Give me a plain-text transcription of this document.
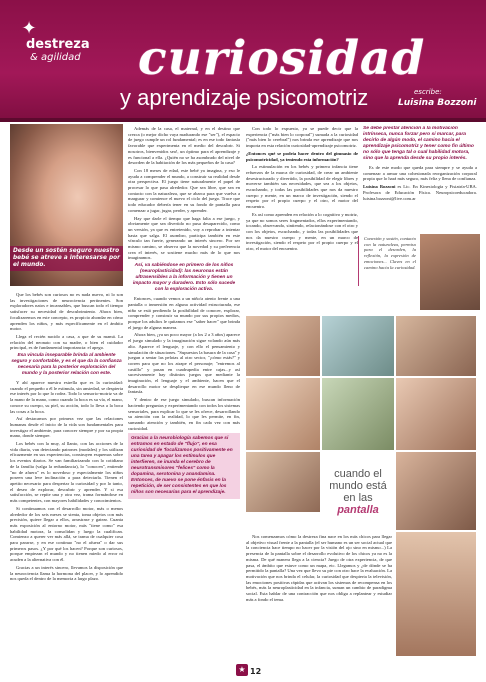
✦
destreza
& agilidad curiosidad
y aprendizaje psicomotriz	escribe:
Luisina Bozzoni
Desde un sostén seguro nuestro bebé se atreve a interesarse por el mundo.

Que los bebés son curiosos no es nada nuevo, ni lo son las investigaciones de neurociencia pertinentes. Son exploradores natos e incansables, que buscan todo el tiempo satisfacer su necesidad de descubrimiento. Ahora bien, focalizaremos en este concepto, es propicio ahondar en cómo aprenden los niños, y más específicamente en el ámbito motor.

Llega el recién nacido a casa, a que de su mamá. La relación del neonato con su madre, o bien el cuidador principal, es de fundamental importancia: el apego.

Esa vincula inseparable brinda al ambiente seguro y confortable, y es el que da la confianza necesaria para la posterior exploración del mundo y la posterior relación con este.

Y ahí aparece nuestra estrella que es la curiosidad: cuando el pequeño a él le estimula, sin ansiedad, se despierta ese interés por lo que lo rodea. Todo lo sensorio-motriz va de la mano de la mano, como cuando la boca es su vía, el mano, conoce su cuerpo, su piel, su acción, todo lo lleva a la boca las cosas a la boca.

Así destacamos por primera vez que las relaciones humanas desde el inicio de la vida son fundamentales para investigar el ambiente, para conocer siempre y por su propia mano, donde siempre.

Los bebés con la muy, al llanto, con las acciones de la vida diaria, van detectando patrones (modales) y los utilizan eficazmente en sus experiencias, construyen esquemas sobre los eventos diarios. Se van familiarizando con lo cotidiano de la familia (valga la redundancia), lo "conocen", entiende "no de afuera" es lo novedoso y especialmente los niños poseen una leve inclinación a para detectarla. Tienen el apetito necesario para despertar la curiosidad y por lo tanto, el deseo de explorar, descubrir y aprender. Y si esa satisfacción, se repite una y otra vez, trama formándose en más competentes, con mayores habilidades y conocimientos.

Si continuamos con el desarrollo motor, más o menos alrededor de los seis meses se sienta, toma objetos con más precisión, quiere llegar a ellos, arrastrase y gatear. Cuanta más exposición al entorno motor, más "tiene como" esa habilidad motora, la consolidan y luego la cualifican. Comienzo a querer ver más allá, se trama de cualquier cosa para pararse, y en ese continuo "no el afuera" o dar sus primeros pasos. ¿Y por qué los hacen? Porque son curiosos, porque empiezan el mundo y no tienen miedo al error ni acuden a la alternativa con él.

Gracias a un interés sincero, llevamos la disposición que la neurociencia llama la hormona del placer, y lo aprendido nos queda el dentro de la memoria a largo plazo.

Además de la casa, el maternal, y en el destino que crezca (o mejor dicho vaya madurando ese "ser"), el espacio de juego cumple un rol fundamental; es en ese todo fantasía favorable que experimenta en el medio del descubrir. Si nosotros, bienvenidos sea!, un óptimo para el aprendizaje y es funcional a ella. ¿Quién no se ha asombrado del nivel de desorden de la habitación de los más pequeños de la casa?

Con 18 meses de edad, este bebé ya imagina, y eso le ayuda a comprender el mundo, a construir su realidad desde otra perspectiva. El juego tiene naturalmente el papel de procesar lo que pasa alrededor. Que sea libre, que sea en contacto con la naturaleza, que se abarca para que vuelva a margurar y comience el nuevo el ciclo del juego. Trace que todo educador debería tener en su fondo de pantalla para comenzar a jugar, jugar, perder, y aprender.

Hay que darle el tiempo que haga falta a ese juego, y obviamente que sea divertido no pusa desaparecido, como un versión, ya que es entretenido, voy a reprobar a intentar hasta que salga. El asombro, participa también en este vínculo tan fuerte, generando un interés sincero. Por ser mismo camino, se observa que la novedad y su preferencia crea el interés, se sostiene mucho más de lo que nos imaginamos.

Así, va sabiéndose en primero de los niños (neuroplasticidad): las neuronas están ultrasensibles a la información y tienen un impacto mayor y duradero. Esto sólo sucede con la exploración activa.

Entonces, cuando vemos a un niño/a atento frente a una pantalla o inmersión en alguna actividad estructurada, ese niño se está perdiendo la posibilidad de conocer, explorar, comprender y construir su mundo por sus propios medios, porque los adultos le quitamos ese "saber hacer" que brinda el juego de alguna manera.

Ahora bien, ¡ya un poco mayor (a los 2 a 3 años) aparece el juego simulado y la imaginación sigue volando aún más alto. Aparece el lenguaje, y con ello el pensamiento y simulación de situaciones. "Supuestos la basura de la casa" y juegan a sentar las pelotas al otro sector, "¡cómo estás?" y corren para que no los atrape el personaje; "entremos al castillo" y pasan en cuadrupedia entre cajas...y así sucesivamente hay distintos juegos que mediante la imaginación, el lenguaje y el ambiente, hacen que el desarrollo motor se desplieque en ese mundo lleno de fantasía.

Y dentro de ese juego simulado, buscan información haciendo preguntas y experimentando con todos los sistemas sensoriales, para explicar lo que se les ofrece, desarrollando su atención con la realidad, lo que les permite, en fin, sumando atención y también, en fin cada vez con más curiosidad.

Gracias a la neurobiología sabemos que si entramos en estado de "flujo", en esa curiosidad de 'focalizamos positivamente en una tarea y apagar los estímulos que interfieren, se inunda el cerebro de neurotransmisores "felices" como la dopamina, serotonina y anandamina. Entonces, de nuevo se pone énfasis en la repetición, de ser consistentes en que los niños son necesarias para el aprendizaje.

Con todo lo expuesto, ya se puede decir que la experiencia ("más bien lo corporal") sumada a la curiosidad ("más bien lo cerebral") nos brinda ese aprendizaje que nos importa en esta relación curiosidad-aprendizaje psicomotriz.

¿Entonces qué se podría hacer dentro del gimnasio de psicomotricidad, ya teniendo esta información?

La estimulación en los bebés y primera infancia tiene refuerzos de la marca de curiosidad, de crear un ambiente desestructurado y divertido, la posibilidad de elegir libres y moverse también sus necesidades, que sea a los objetos, escuchando, y todas las posibilidades que nos da nuestro cuerpo y mente, en un marco de investigación, siendo el respeto por el propio cuerpo y el otro, el motor del encuentro.

Es así como aprenden en relación a lo cognitivo y motriz, ya que no somos seres fragmentados, ellos experimentando, tocando, observando, sintiendo, relacionándose con el otro y con los objetos, escuchando, y todas las posibilidades que nos da nuestro cuerpo y mente, en un marco de investigación, siendo el respeto por el propio cuerpo y el otro, el motor del encuentro.

Se debe prestar atención a la motivación intrínseca, nunca forzar pero sí marcar, para decirlo de algún modo, el camino hacia el aprendizaje psicomotriz y tener como fin último no sólo que tenga tal o cual habilidad motora, sino que la aprenda desde su propio interés.

Es de este modo que queda para siempre y se ayuda a comenzar a armar una cohesionada reorganización corporal propia que lo hará más seguro, más feliz y llena de confianza.

Luisina Bozzoni es Lic. En Kinesiología y Fisiatría-UBA. Profesora de Educación Física. Neuropsicoeducadora. luisina.bozzoni@live.com.ar

Conexión y sostén, contacto con la naturaleza, permiso para el desorden, la reflexión, la expresión de emociones... Claves en el camino hacia la curiosidad.
cuando el
mundo está
en las
pantalla

Nos comenzamos cómo la destreza fina nace en los más chicos para llegar al objetivo visual frente a la pantalla (el ser humano es un ser social actual que la conciencia hace tiempo no hacer por la visión del ojo sino en mismo...) La presencia de la pantalla sobre el desarrollo evolutivo de los chicos ya no es la misma. De qué manera llega a la ciencia? Juego de otra experiencia, de que pasa, el ámbito que estuve como un mapa, etc. Llegamos y ¿de dónde se ha permitido la pantalla? Una vez que llevo su pie con otro hace la evaluación. La motivación que nos brinda el celular, la curiosidad que despierta la televisión, las emociones positivas rápidas que activan los sistemas de recompensa en los bebés, más la neuroplasticidad en la infancia, suman un cambio de paradigma social. Esta hablar de una contracción que nos obliga a replantear y estudiar más a fondo el tema.

★ 12
